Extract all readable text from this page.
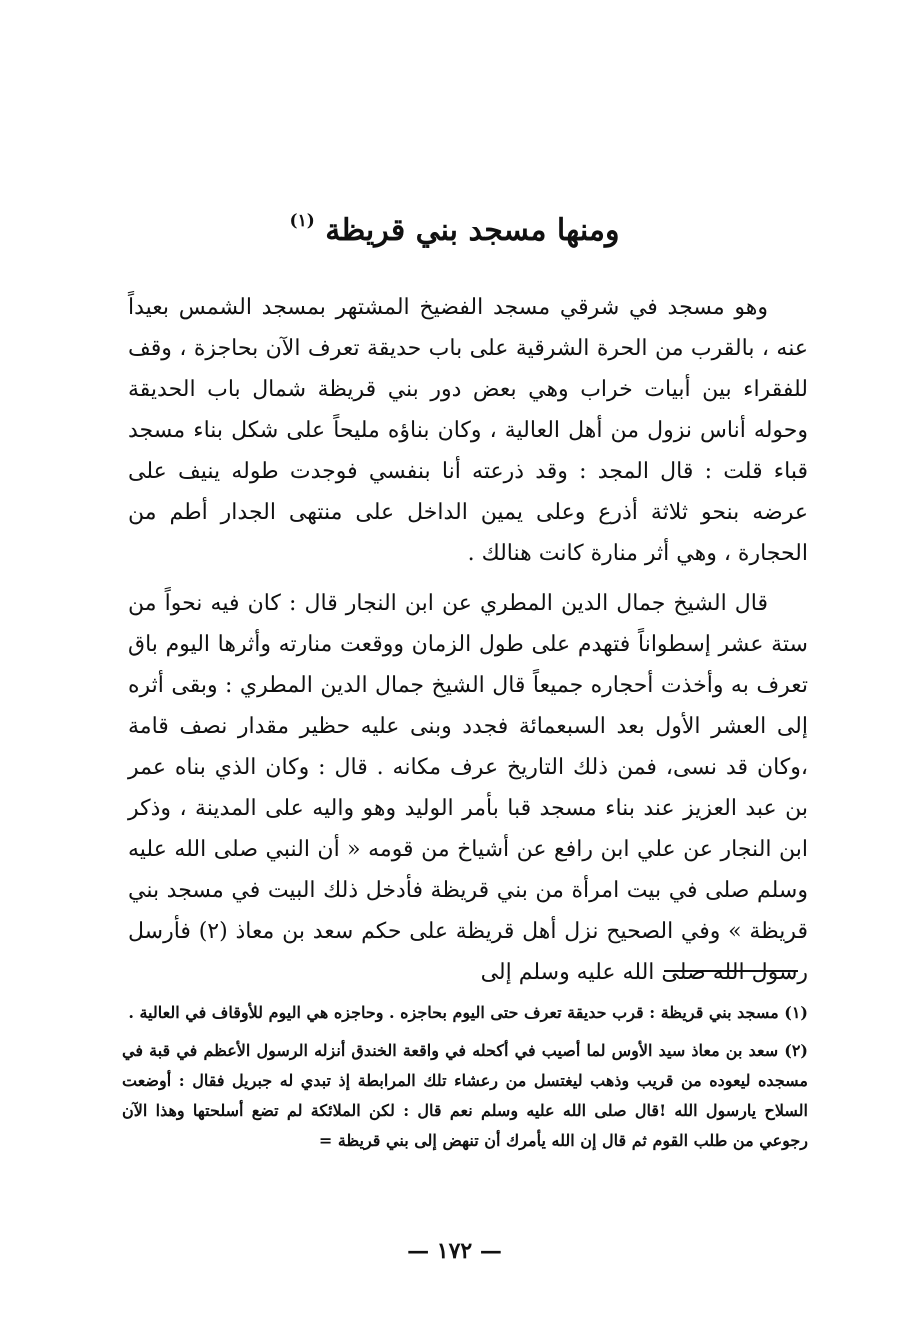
ومنها مسجد بني قريظة $^{(١)}$

وهو مسجد في شرقي مسجد الفضيخ المشتهر بمسجد الشمس بعيداً عنه ، بالقرب من الحرة الشرقية على باب حديقة تعرف الآن بحاجزة ، وقف للفقراء بين أبيات خراب وهي بعض دور بني قريظة شمال باب الحديقة وحوله أناس نزول من أهل العالية ، وكان بناؤه مليحاً على شكل بناء مسجد قباء قلت : قال المجد : وقد ذرعته أنا بنفسي فوجدت طوله ينيف على عرضه بنحو ثلاثة أذرع وعلى يمين الداخل على منتهى الجدار أطم من الحجارة ، وهي أثر منارة كانت هنالك .

قال الشيخ جمال الدين المطري عن ابن النجار قال : كان فيه نحواً من ستة عشر إسطواناً فتهدم على طول الزمان ووقعت منارته وأثرها اليوم باق تعرف به وأخذت أحجاره جميعاً قال الشيخ جمال الدين المطري : وبقى أثره إلى العشر الأول بعد السبعمائة فجدد وبنى عليه حظير مقدار نصف قامة ،وكان قد نسى، فمن ذلك التاريخ عرف مكانه . قال : وكان الذي بناه عمر بن عبد العزيز عند بناء مسجد قبا بأمر الوليد وهو واليه على المدينة ، وذكر ابن النجار عن علي ابن رافع عن أشياخ من قومه « أن النبي صلى الله عليه وسلم صلى في بيت امرأة من بني قريظة فأدخل ذلك البيت في مسجد بني قريظة » وفي الصحيح نزل أهل قريظة على حكم سعد بن معاذ (٢) فأرسل رسول الله صلى الله عليه وسلم إلى

(١) مسجد بني قريظة : قرب حديقة تعرف حتى اليوم بحاجزه . وحاجزه هي اليوم للأوقاف في العالية .

(٢) سعد بن معاذ سيد الأوس لما أصيب في أكحله في واقعة الخندق أنزله الرسول الأعظم في قبة في مسجده ليعوده من قريب وذهب ليغتسل من رعشاء تلك المرابطة إذ تبدي له جبريل فقال : أوضعت السلاح يارسول الله !قال صلى الله عليه وسلم نعم قال : لكن الملائكة لم تضع أسلحتها وهذا الآن رجوعي من طلب القوم ثم قال إن الله يأمرك أن تنهض إلى بني قريظة =

— ١٧٢ —
